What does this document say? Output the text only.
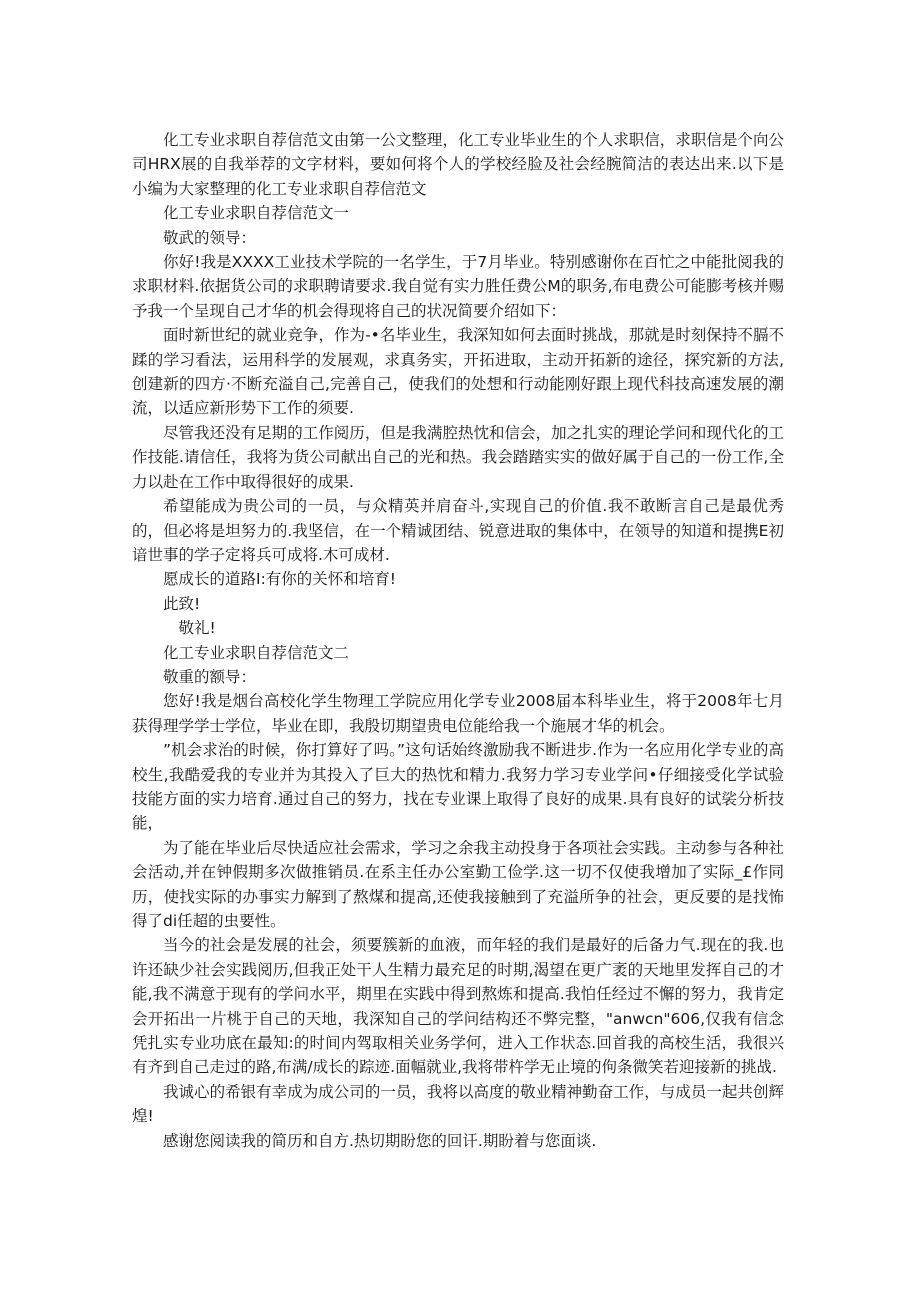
化工专业求职自荐信范文由第一公文整理，化工专业毕业生的个人求职信，求职信是个向公司HRX展的自我举荐的文字材料，要如何将个人的学校经脸及社会经腕简洁的表达出来.以下是小编为大家整理的化工专业求职自荐信范文

化工专业求职自荐信范文一

敬武的领导：

你好!我是XXXX工业技术学院的一名学生，于7月毕业。特别感谢你在百忙之中能批阅我的求职材料.依据货公司的求职聘请要求.我自觉有实力胜任费公M的职务,布电费公可能膨考核并赐予我一个呈现自己才华的机会得现将自己的状况简要介绍如下：

面时新世纪的就业竞争，作为-•名毕业生，我深知如何去面时挑战，那就是时刻保持不膈不蹂的学习看法，运用科学的发展观，求真务实，开拓进取，主动开拓新的途径，探究新的方法,创建新的四方·不断充溢自己,完善自己，使我们的处想和行动能刚好跟上现代科技高速发展的潮流，以适应新形势下工作的须要.

尽管我还没有足期的工作阅历，但是我满腔热忱和信会，加之扎实的理论学问和现代化的工作技能.请信任，我将为货公司献出自己的光和热。我会踏踏实实的做好属于自己的一份工作,全力以赴在工作中取得很好的成果.

希望能成为贵公司的一员，与众精英并肩奋斗,实现自己的价值.我不敢断言自己是最优秀的，但必将是坦努力的.我坚信，在一个精诚团结、锐意进取的集体中，在领导的知道和提携E初谙世事的学子定将兵可成将.木可成材.

愿成长的道路I:有你的关怀和培育!

此致!

敬礼!

化工专业求职自荐信范文二

敬重的额导：

您好!我是烟台高校化学生物理工学院应用化学专业2008届本科毕业生，将于2008年七月获得理学学士学位，毕业在即，我殷切期望贵电位能给我一个施展才华的机会。

”机会求治的时候，你打算好了吗。”这句话始终激励我不断进步.作为一名应用化学专业的高校生,我酷爱我的专业并为其投入了巨大的热忱和精力.我努力学习专业学问•仔细接受化学试验技能方面的实力培育.通过自己的努力，找在专业课上取得了良好的成果.具有良好的试裟分析技能，

为了能在毕业后尽快适应社会需求，学习之余我主动投身于各项社会实践。主动参与各种社会活动,并在钟假期多次做推销员.在系主任办公室勤工俭学.这一切不仅使我增加了实际_£作同历，使找实际的办事实力解到了熬煤和提高,还使我接触到了充溢所争的社会，更反要的是找怖得了di任超的虫要性。

当今的社会是发展的社会，须要簇新的血液，而年轻的我们是最好的后备力气.现在的我.也许还缺少社会实践阅历,但我正处干人生精力最充足的时期,渴望在更广袤的天地里发挥自己的才能,我不满意于现有的学问水平，期里在实践中得到熬炼和提高.我怕任经过不懈的努力，我肯定会开拓出一片桃于自己的天地，我深知自己的学问结构还不弊完整，"anwcn"606,仅我有信念凭扎实专业功底在最知:的时间内驾取相关业务学何，进入工作状态.回首我的高校生活，我很兴有齐到自己走过的路,布满/成长的踪迹.面幅就业,我将带杵学无止境的佝条微笑若迎接新的挑战.

我诚心的希银有幸成为成公司的一员，我将以高度的敬业精神勤奋工作，与成员一起共创辉煌!

感谢您阅读我的简历和自方.热切期盼您的回讦.期盼着与您面谈.
